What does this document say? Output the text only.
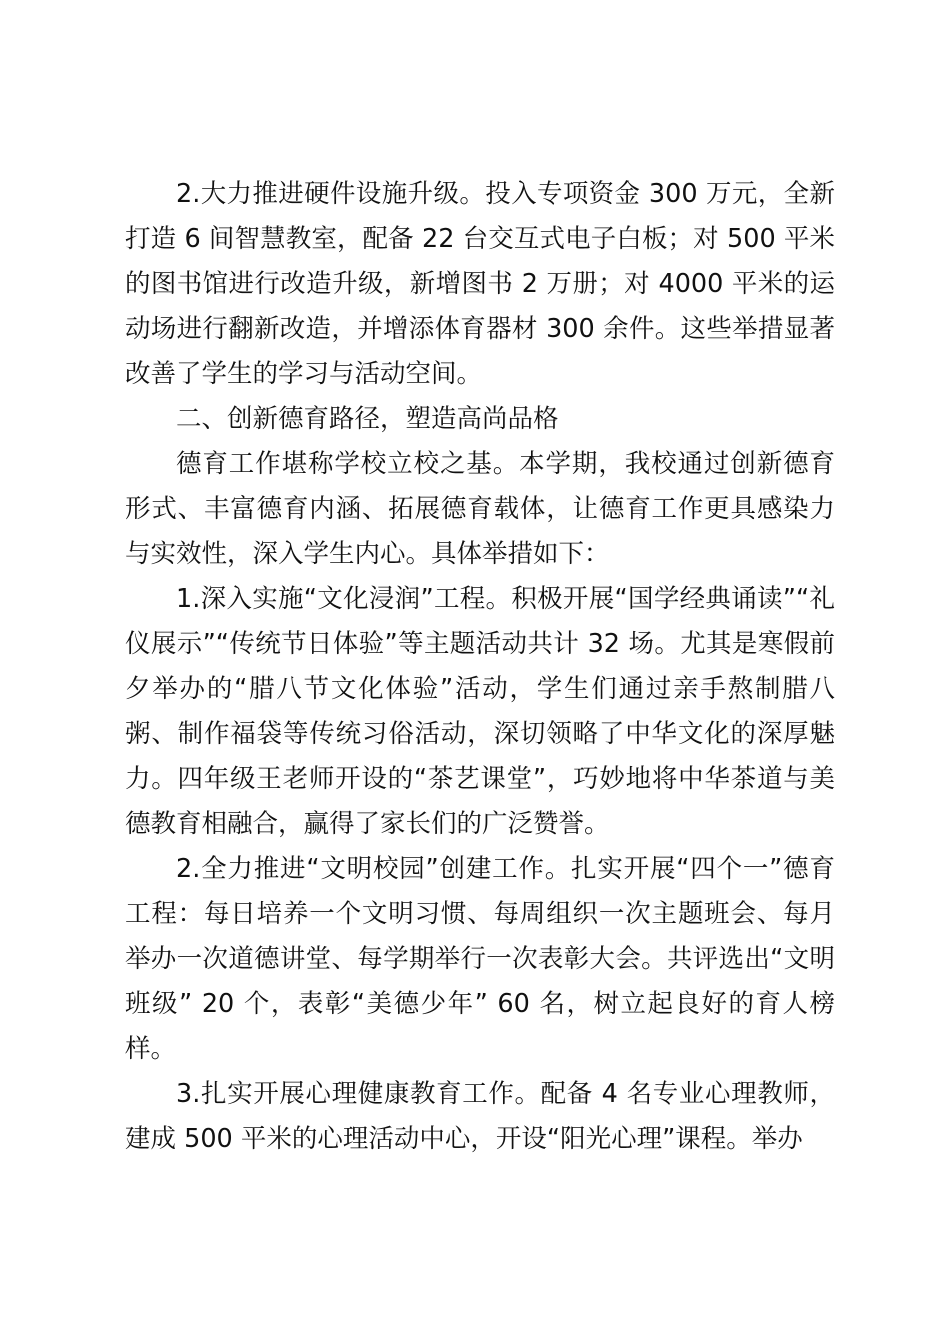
2.大力推进硬件设施升级。投入专项资金 300 万元，全新打造 6 间智慧教室，配备 22 台交互式电子白板；对 500 平米的图书馆进行改造升级，新增图书 2 万册；对 4000 平米的运动场进行翻新改造，并增添体育器材 300 余件。这些举措显著改善了学生的学习与活动空间。

二、创新德育路径，塑造高尚品格

德育工作堪称学校立校之基。本学期，我校通过创新德育形式、丰富德育内涵、拓展德育载体，让德育工作更具感染力与实效性，深入学生内心。具体举措如下：

1.深入实施“文化浸润”工程。积极开展“国学经典诵读”“礼仪展示”“传统节日体验”等主题活动共计 32 场。尤其是寒假前夕举办的“腊八节文化体验”活动，学生们通过亲手熬制腊八粥、制作福袋等传统习俗活动，深切领略了中华文化的深厚魅力。四年级王老师开设的“茶艺课堂”，巧妙地将中华茶道与美德教育相融合，赢得了家长们的广泛赞誉。

2.全力推进“文明校园”创建工作。扎实开展“四个一”德育工程：每日培养一个文明习惯、每周组织一次主题班会、每月举办一次道德讲堂、每学期举行一次表彰大会。共评选出“文明班级” 20 个，表彰“美德少年” 60 名，树立起良好的育人榜样。

3.扎实开展心理健康教育工作。配备 4 名专业心理教师，建成 500 平米的心理活动中心，开设“阳光心理”课程。举办
